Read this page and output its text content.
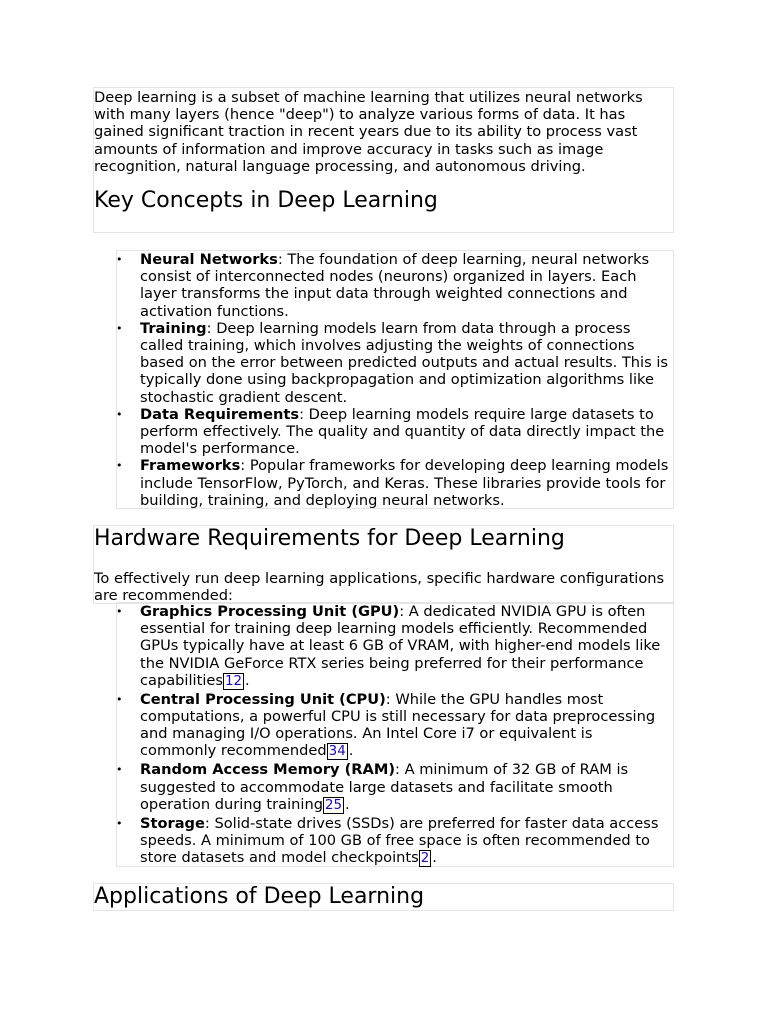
Deep learning is a subset of machine learning that utilizes neural networks with many layers (hence "deep") to analyze various forms of data. It has gained significant traction in recent years due to its ability to process vast amounts of information and improve accuracy in tasks such as image recognition, natural language processing, and autonomous driving.

Key Concepts in Deep Learning
• Neural Networks: The foundation of deep learning, neural networks consist of interconnected nodes (neurons) organized in layers. Each layer transforms the input data through weighted connections and activation functions.
• Training: Deep learning models learn from data through a process called training, which involves adjusting the weights of connections based on the error between predicted outputs and actual results. This is typically done using backpropagation and optimization algorithms like stochastic gradient descent.
• Data Requirements: Deep learning models require large datasets to perform effectively. The quality and quantity of data directly impact the model's performance.
• Frameworks: Popular frameworks for developing deep learning models include TensorFlow, PyTorch, and Keras. These libraries provide tools for building, training, and deploying neural networks.
Hardware Requirements for Deep Learning

To effectively run deep learning applications, specific hardware configurations are recommended:

• Graphics Processing Unit (GPU): A dedicated NVIDIA GPU is often essential for training deep learning models efficiently. Recommended GPUs typically have at least 6 GB of VRAM, with higher-end models like the NVIDIA GeForce RTX series being preferred for their performance capabilities 12 .
• Central Processing Unit (CPU): While the GPU handles most computations, a powerful CPU is still necessary for data preprocessing and managing I/O operations. An Intel Core i7 or equivalent is commonly recommended 34 .
• Random Access Memory (RAM): A minimum of 32 GB of RAM is suggested to accommodate large datasets and facilitate smooth operation during training 25 .
• Storage: Solid-state drives (SSDs) are preferred for faster data access speeds. A minimum of 100 GB of free space is often recommended to store datasets and model checkpoints 2 .
Applications of Deep Learning
